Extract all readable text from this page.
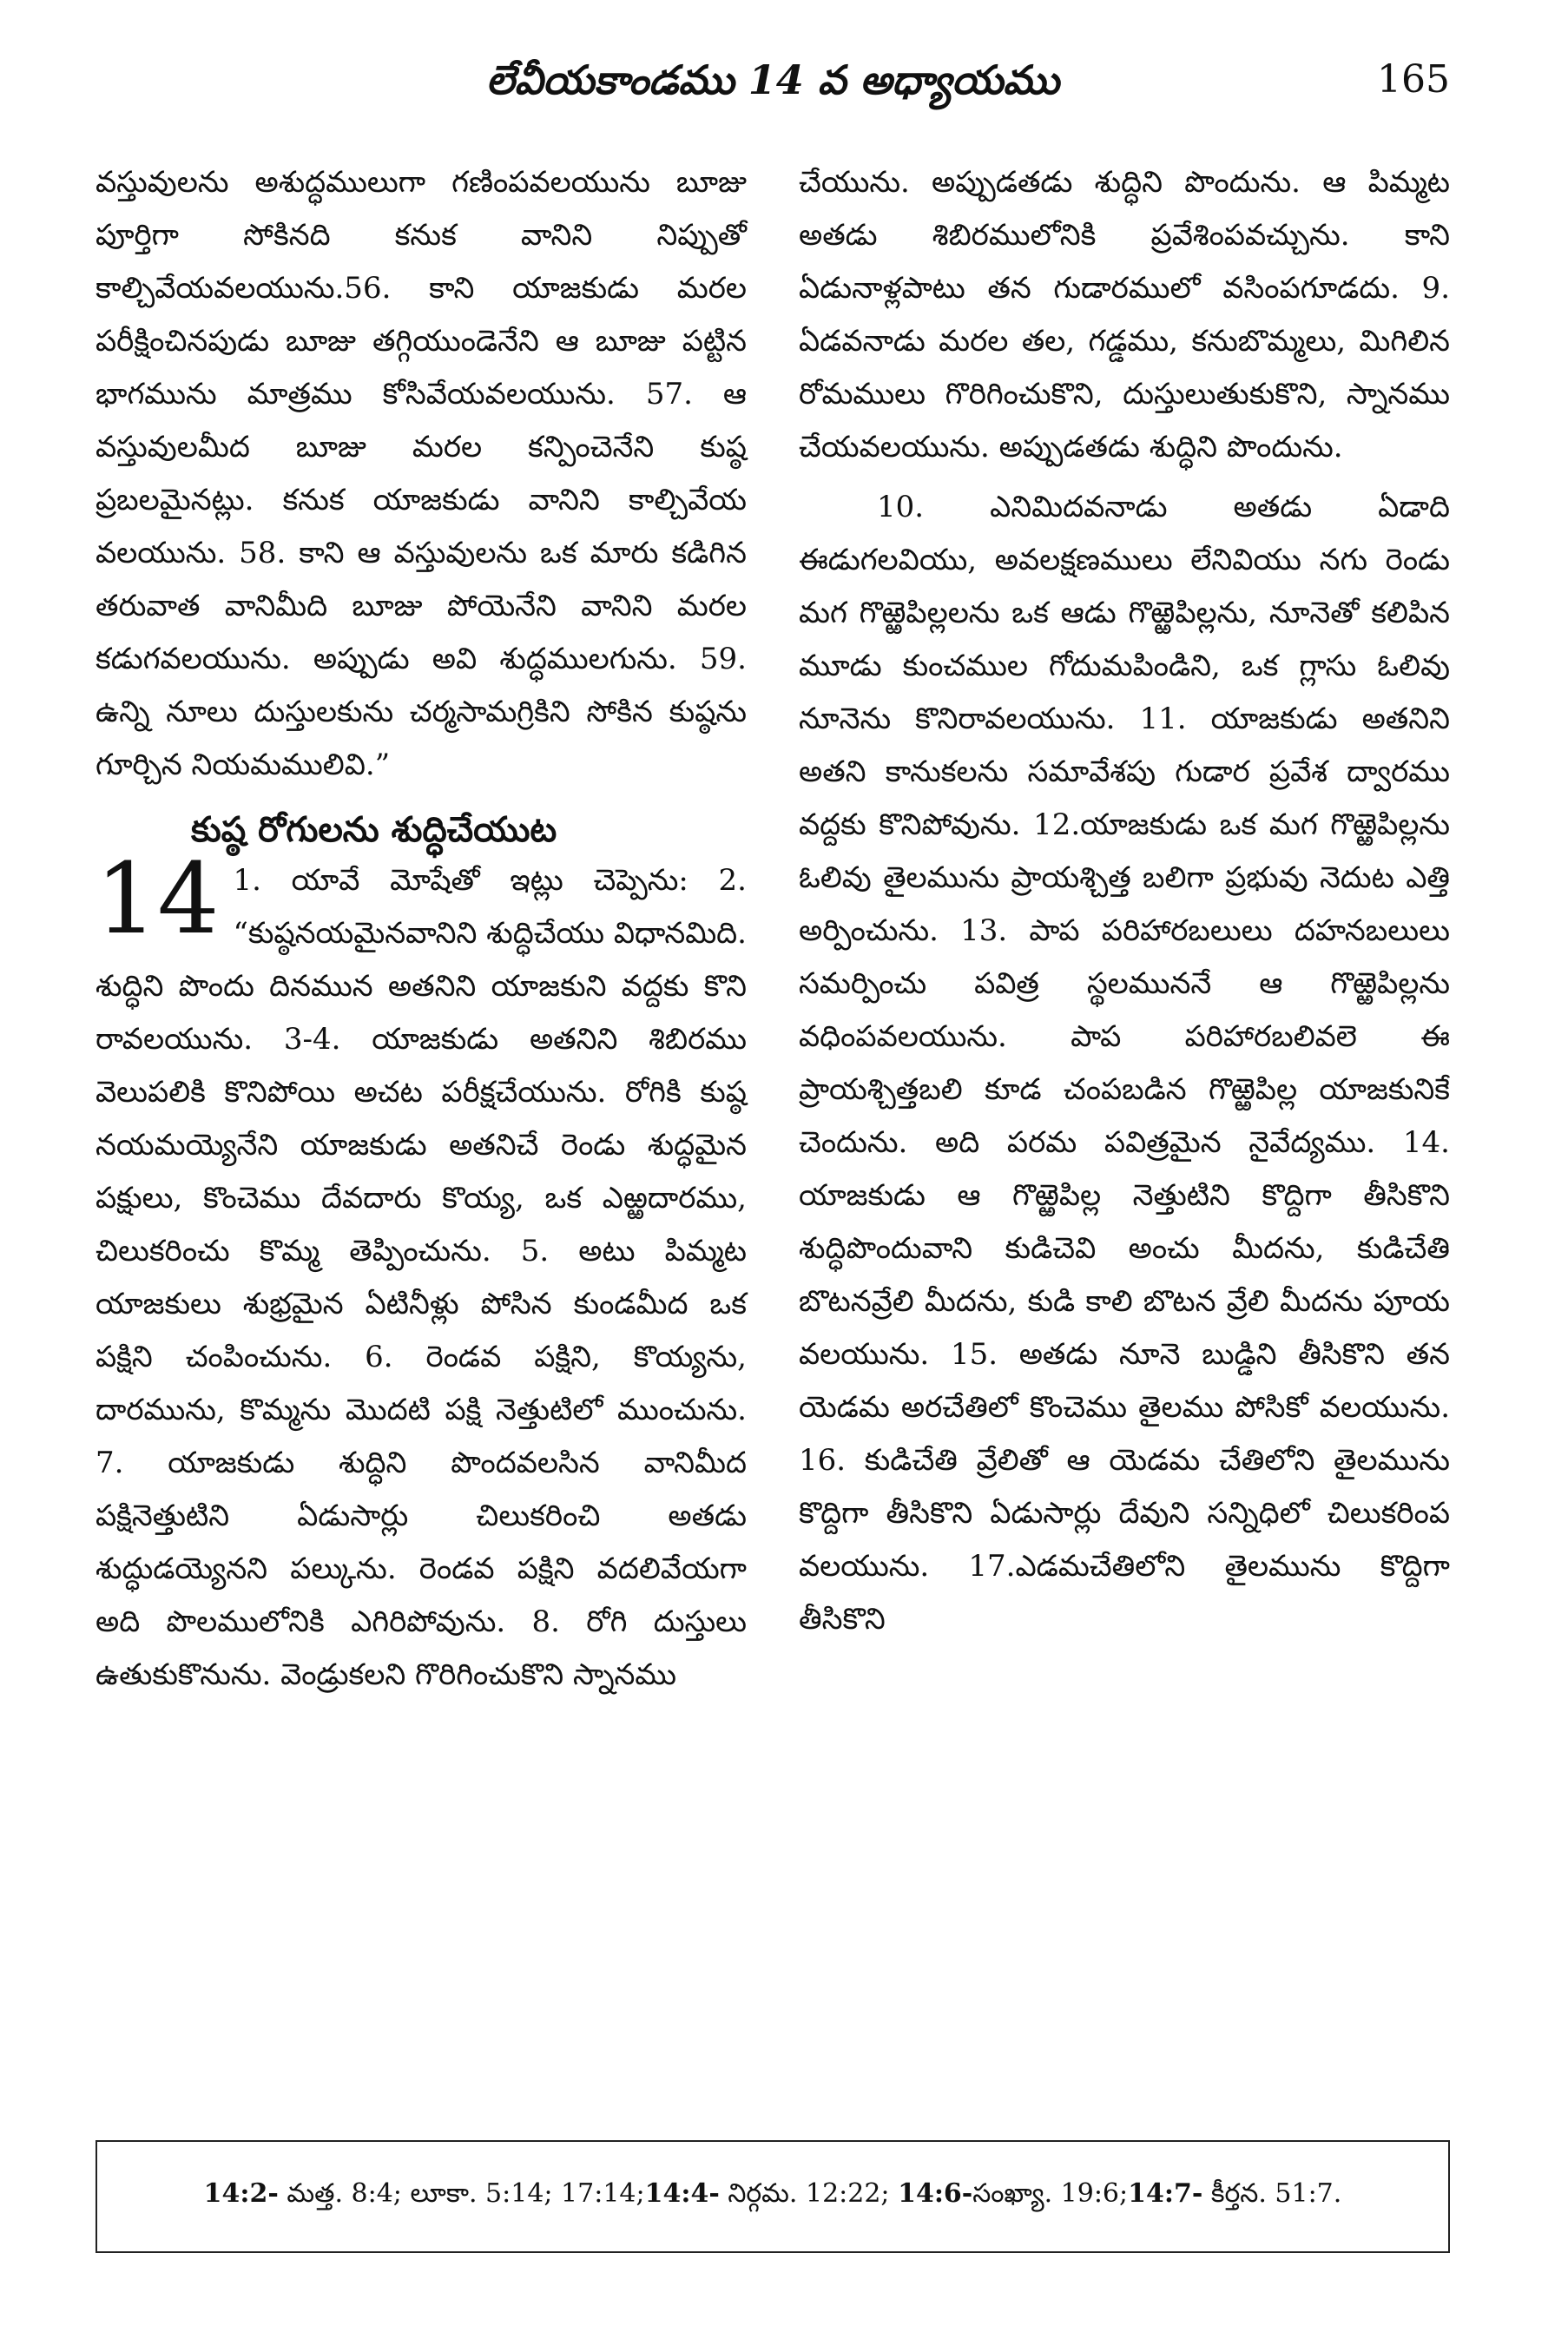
లేవీయకాండము 14 వ అధ్యాయము	165

వస్తువులను అశుద్ధములుగా గణింపవలయును బూజు పూర్తిగా సోకినది కనుక వానిని నిప్పుతో కాల్చివేయవలయును.56. కాని యాజకుడు మరల పరీక్షించినపుడు బూజు తగ్గియుండెనేని ఆ బూజు పట్టిన భాగమును మాత్రము కోసివేయవలయును. 57. ఆ వస్తువులమీద బూజు మరల కన్పించెనేని కుష్ఠ ప్రబలమైనట్లు. కనుక యాజకుడు వానిని కాల్చివేయ వలయును. 58. కాని ఆ వస్తువులను ఒక మారు కడిగిన తరువాత వానిమీది బూజు పోయెనేని వానిని మరల కడుగవలయును. అప్పుడు అవి శుద్ధములగును. 59. ఉన్ని నూలు దుస్తులకును చర్మసామగ్రికిని సోకిన కుష్ఠను గూర్చిన నియమములివి.”

కుష్ఠ రోగులను శుద్ధిచేయుట
14 1. యావే మోషేతో ఇట్లు చెప్పెను: 2. “కుష్ఠనయమైనవానిని శుద్ధిచేయు విధానమిది. శుద్ధిని పొందు దినమున అతనిని యాజకుని వద్దకు కొని రావలయును. 3-4. యాజకుడు అతనిని శిబిరము వెలుపలికి కొనిపోయి అచట పరీక్షచేయును. రోగికి కుష్ఠ నయమయ్యెనేని యాజకుడు అతనిచే రెండు శుద్ధమైన పక్షులు, కొంచెము దేవదారు కొయ్య, ఒక ఎఱ్ఱదారము, చిలుకరించు కొమ్మ తెప్పించును. 5. అటు పిమ్మట యాజకులు శుభ్రమైన ఏటినీళ్లు పోసిన కుండమీద ఒక పక్షిని చంపించును. 6. రెండవ పక్షిని, కొయ్యను, దారమును, కొమ్మను మొదటి పక్షి నెత్తుటిలో ముంచును. 7. యాజకుడు శుద్ధిని పొందవలసిన వానిమీద పక్షినెత్తుటిని ఏడుసార్లు చిలుకరించి అతడు శుద్ధుడయ్యెనని పల్కును. రెండవ పక్షిని వదలివేయగా అది పొలములోనికి ఎగిరిపోవును. 8. రోగి దుస్తులు ఉతుకుకొనును. వెండ్రుకలని గొరిగించుకొని స్నానము

చేయును. అప్పుడతడు శుద్ధిని పొందును. ఆ పిమ్మట అతడు శిబిరములోనికి ప్రవేశింపవచ్చును. కాని ఏడునాళ్లపాటు తన గుడారములో వసింపగూడదు. 9. ఏడవనాడు మరల తల, గడ్డము, కనుబొమ్మలు, మిగిలిన రోమములు గొరిగించుకొని, దుస్తులుతుకుకొని, స్నానము చేయవలయును. అప్పుడతడు శుద్ధిని పొందును.

10. ఎనిమిదవనాడు అతడు ఏడాది ఈడుగలవియు, అవలక్షణములు లేనివియు నగు రెండు మగ గొఱ్ఱెపిల్లలను ఒక ఆడు గొఱ్ఱెపిల్లను, నూనెతో కలిపిన మూడు కుంచముల గోదుమపిండిని, ఒక గ్లాసు ఓలివు నూనెను కొనిరావలయును. 11. యాజకుడు అతనిని అతని కానుకలను సమావేశపు గుడార ప్రవేశ ద్వారము వద్దకు కొనిపోవును. 12.యాజకుడు ఒక మగ గొఱ్ఱెపిల్లను ఓలివు తైలమును ప్రాయశ్చిత్త బలిగా ప్రభువు నెదుట ఎత్తి అర్పించును. 13. పాప పరిహారబలులు దహనబలులు సమర్పించు పవిత్ర స్థలముననే ఆ గొఱ్ఱెపిల్లను వధింపవలయును. పాప పరిహారబలివలె ఈ ప్రాయశ్చిత్తబలి కూడ చంపబడిన గొఱ్ఱెపిల్ల యాజకునికే చెందును. అది పరమ పవిత్రమైన నైవేద్యము. 14. యాజకుడు ఆ గొఱ్ఱెపిల్ల నెత్తుటిని కొద్దిగా తీసికొని శుద్ధిపొందువాని కుడిచెవి అంచు మీదను, కుడిచేతి బొటనవ్రేలి మీదను, కుడి కాలి బొటన వ్రేలి మీదను పూయ వలయును. 15. అతడు నూనె బుడ్డిని తీసికొని తన యెడమ అరచేతిలో కొంచెము తైలము పోసికో వలయును. 16. కుడిచేతి వ్రేలితో ఆ యెడమ చేతిలోని తైలమును కొద్దిగా తీసికొని ఏడుసార్లు దేవుని సన్నిధిలో చిలుకరింప వలయును. 17.ఎడమచేతిలోని తైలమును కొద్దిగా తీసికొని

14:2- మత్త. 8:4; లూకా. 5:14; 17:14;14:4- నిర్గమ. 12:22; 14:6-సంఖ్యా. 19:6;14:7- కీర్తన. 51:7.
